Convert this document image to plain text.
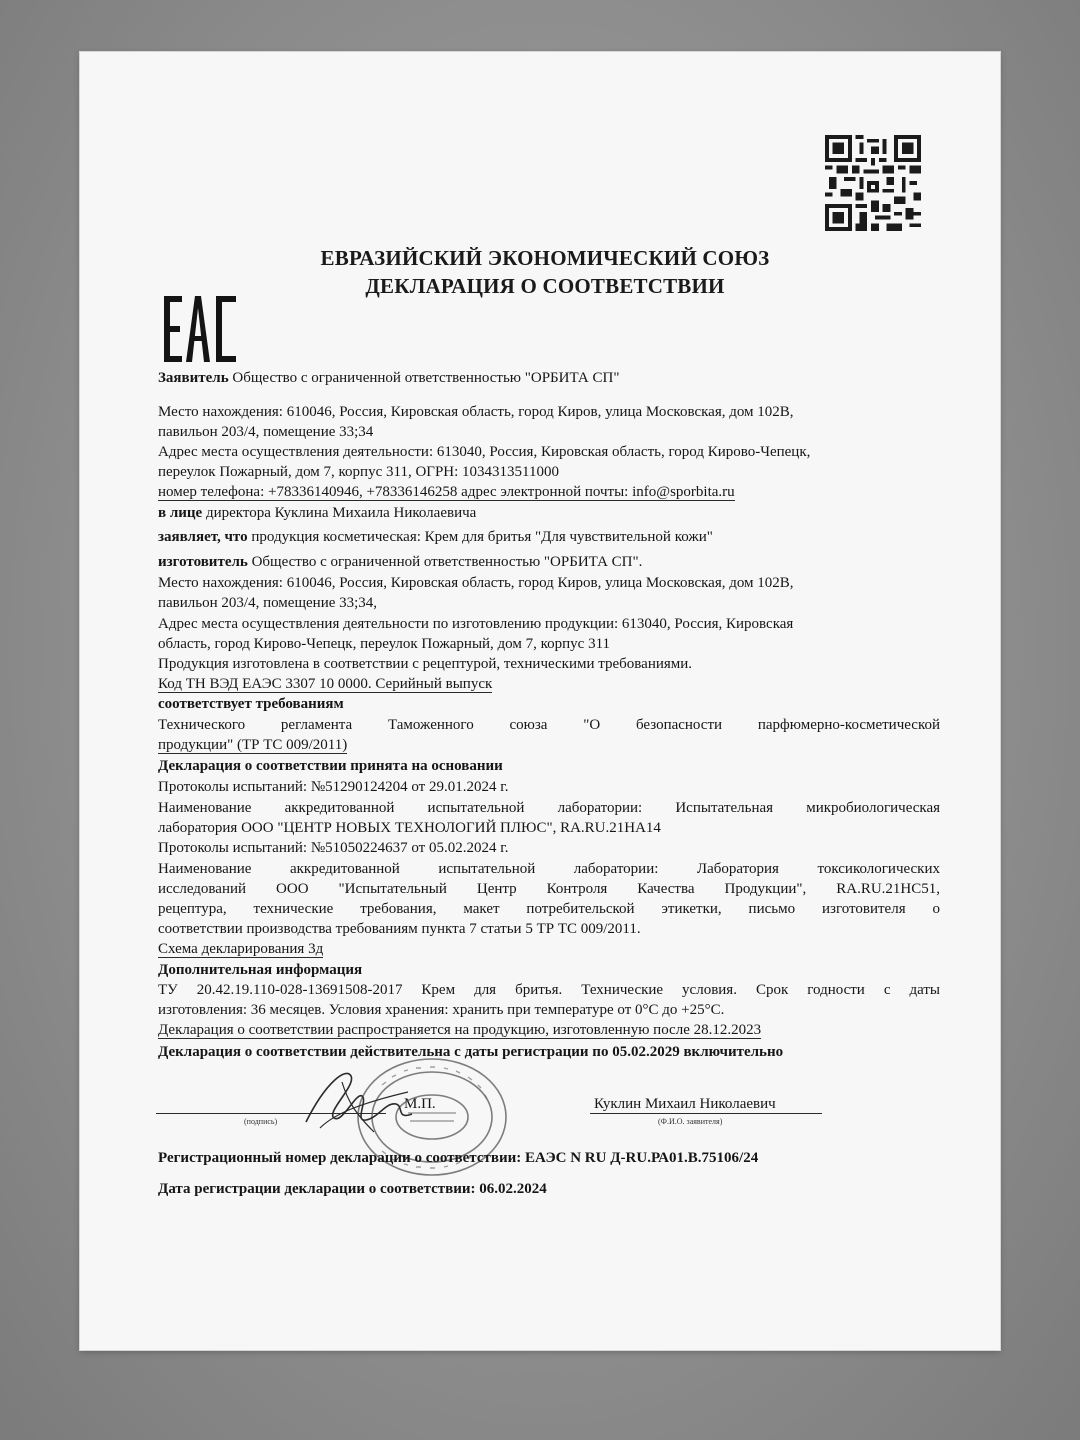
ЕВРАЗИЙСКИЙ ЭКОНОМИЧЕСКИЙ СОЮЗ
ДЕКЛАРАЦИЯ О СООТВЕТСТВИИ
Заявитель Общество с ограниченной ответственностью "ОРБИТА СП"
Место нахождения: 610046, Россия, Кировская область, город Киров, улица Московская, дом 102В,
павильон 203/4, помещение 33;34
Адрес места осуществления деятельности: 613040, Россия, Кировская область, город Кирово-Чепецк,
переулок Пожарный, дом 7, корпус 311, ОГРН: 1034313511000
номер телефона: +78336140946, +78336146258 адрес электронной почты: info@sporbita.ru
в лице директора Куклина Михаила Николаевича
заявляет, что продукция косметическая: Крем для бритья "Для чувствительной кожи"
изготовитель Общество с ограниченной ответственностью "ОРБИТА СП".
Место нахождения: 610046, Россия, Кировская область, город Киров, улица Московская, дом 102В,
павильон 203/4, помещение 33;34,
Адрес места осуществления деятельности по изготовлению продукции: 613040, Россия, Кировская
область, город Кирово-Чепецк, переулок Пожарный, дом 7, корпус 311
Продукция изготовлена в соответствии с рецептурой, техническими требованиями.
Код ТН ВЭД ЕАЭС 3307 10 0000. Серийный выпуск
соответствует требованиям
Технического регламента Таможенного союза "О безопасности парфюмерно-косметической
продукции" (ТР ТС 009/2011)
Декларация о соответствии принята на основании
Протоколы испытаний: №51290124204 от 29.01.2024 г.
Наименование аккредитованной испытательной лаборатории: Испытательная микробиологическая
лаборатория ООО "ЦЕНТР НОВЫХ ТЕХНОЛОГИЙ ПЛЮС", RA.RU.21НА14
Протоколы испытаний: №51050224637 от 05.02.2024 г.
Наименование аккредитованной испытательной лаборатории: Лаборатория токсикологических
исследований ООО "Испытательный Центр Контроля Качества Продукции", RA.RU.21НС51,
рецептура, технические требования, макет потребительской этикетки, письмо изготовителя о
соответствии производства требованиям пункта 7 статьи 5 ТР ТС 009/2011.
Схема декларирования 3д
Дополнительная информация
ТУ 20.42.19.110-028-13691508-2017 Крем для бритья. Технические условия. Срок годности с даты
изготовления: 36 месяцев. Условия хранения: хранить при температуре от 0°С до +25°С.
Декларация о соответствии распространяется на продукцию, изготовленную после 28.12.2023
Декларация о соответствии действительна с даты регистрации по 05.02.2029 включительно
(подпись)
М.П.	Куклин Михаил Николаевич
(Ф.И.О. заявителя)
Регистрационный номер декларации о соответствии: ЕАЭС N RU Д-RU.РА01.В.75106/24
Дата регистрации декларации о соответствии: 06.02.2024
